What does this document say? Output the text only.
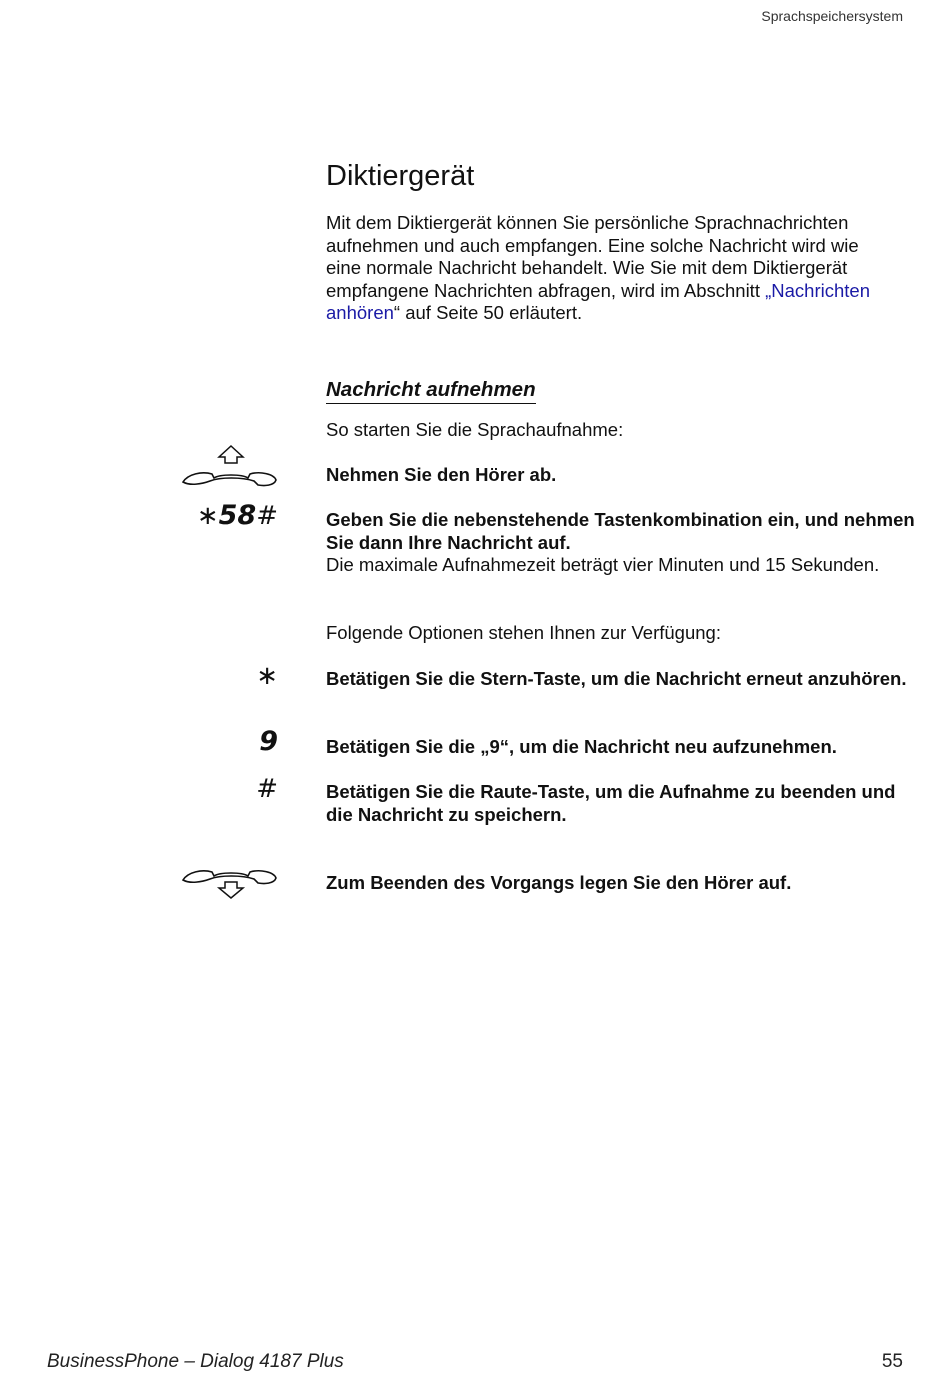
Sprachspeichersystem
Diktiergerät

Mit dem Diktiergerät können Sie persönliche Sprachnachrichten
aufnehmen und auch empfangen. Eine solche Nachricht wird wie
eine normale Nachricht behandelt. Wie Sie mit dem Diktiergerät
empfangene Nachrichten abfragen, wird im Abschnitt „Nachrichten
anhören“ auf Seite 50 erläutert.

Nachricht aufnehmen

So starten Sie die Sprachaufnahme:

Nehmen Sie den Hörer ab.

∗58#	Geben Sie die nebenstehende Tastenkombination ein, und nehmen Sie dann Ihre Nachricht auf.
Die maximale Aufnahmezeit beträgt vier Minuten und 15 Sekunden.

Folgende Optionen stehen Ihnen zur Verfügung:

∗	Betätigen Sie die Stern-Taste, um die Nachricht erneut anzuhören.

9	Betätigen Sie die „9“, um die Nachricht neu aufzunehmen.

#	Betätigen Sie die Raute-Taste, um die Aufnahme zu beenden und die Nachricht zu speichern.

Zum Beenden des Vorgangs legen Sie den Hörer auf.

BusinessPhone – Dialog 4187 Plus	55
